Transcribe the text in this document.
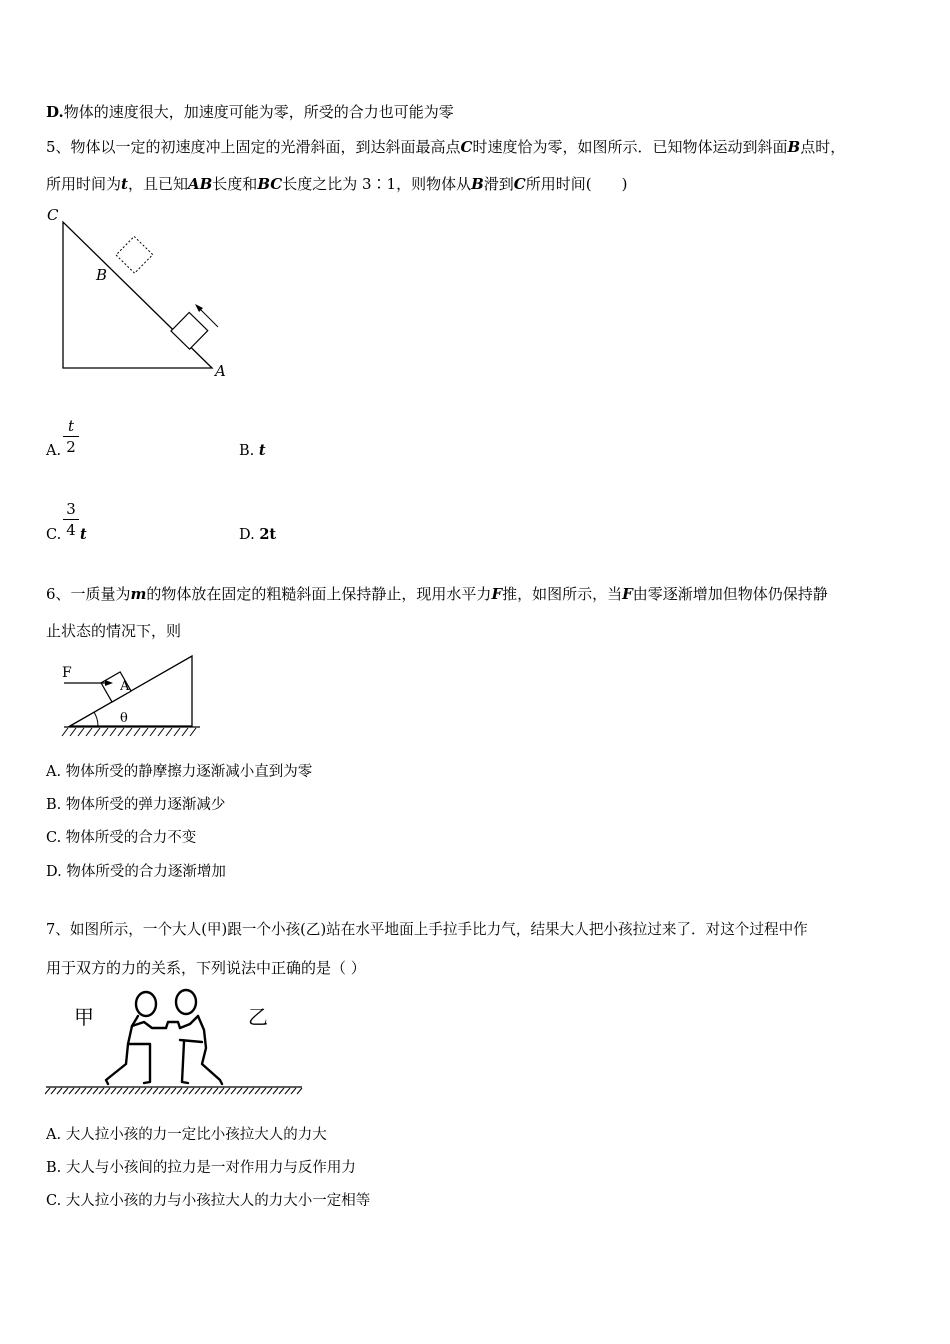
D.物体的速度很大，加速度可能为零，所受的合力也可能为零
5、物体以一定的初速度冲上固定的光滑斜面，到达斜面最高点C时速度恰为零，如图所示．已知物体运动到斜面B点时，
所用时间为t，且已知AB长度和BC长度之比为 3∶1，则物体从B滑到C所用时间(　　)
C
B
A
A.
t
2	B. t
C.
3
4 t	D. 2t
6、一质量为m的物体放在固定的粗糙斜面上保持静止，现用水平力F推，如图所示，当F由零逐渐增加但物体仍保持静
止状态的情况下，则
A
F
θ
A. 物体所受的静摩擦力逐渐减小直到为零
B. 物体所受的弹力逐渐减少
C. 物体所受的合力不变
D. 物体所受的合力逐渐增加
7、如图所示，一个大人(甲)跟一个小孩(乙)站在水平地面上手拉手比力气，结果大人把小孩拉过来了．对这个过程中作
用于双方的力的关系，下列说法中正确的是（ ）
甲	乙
A. 大人拉小孩的力一定比小孩拉大人的力大
B. 大人与小孩间的拉力是一对作用力与反作用力
C. 大人拉小孩的力与小孩拉大人的力大小一定相等
